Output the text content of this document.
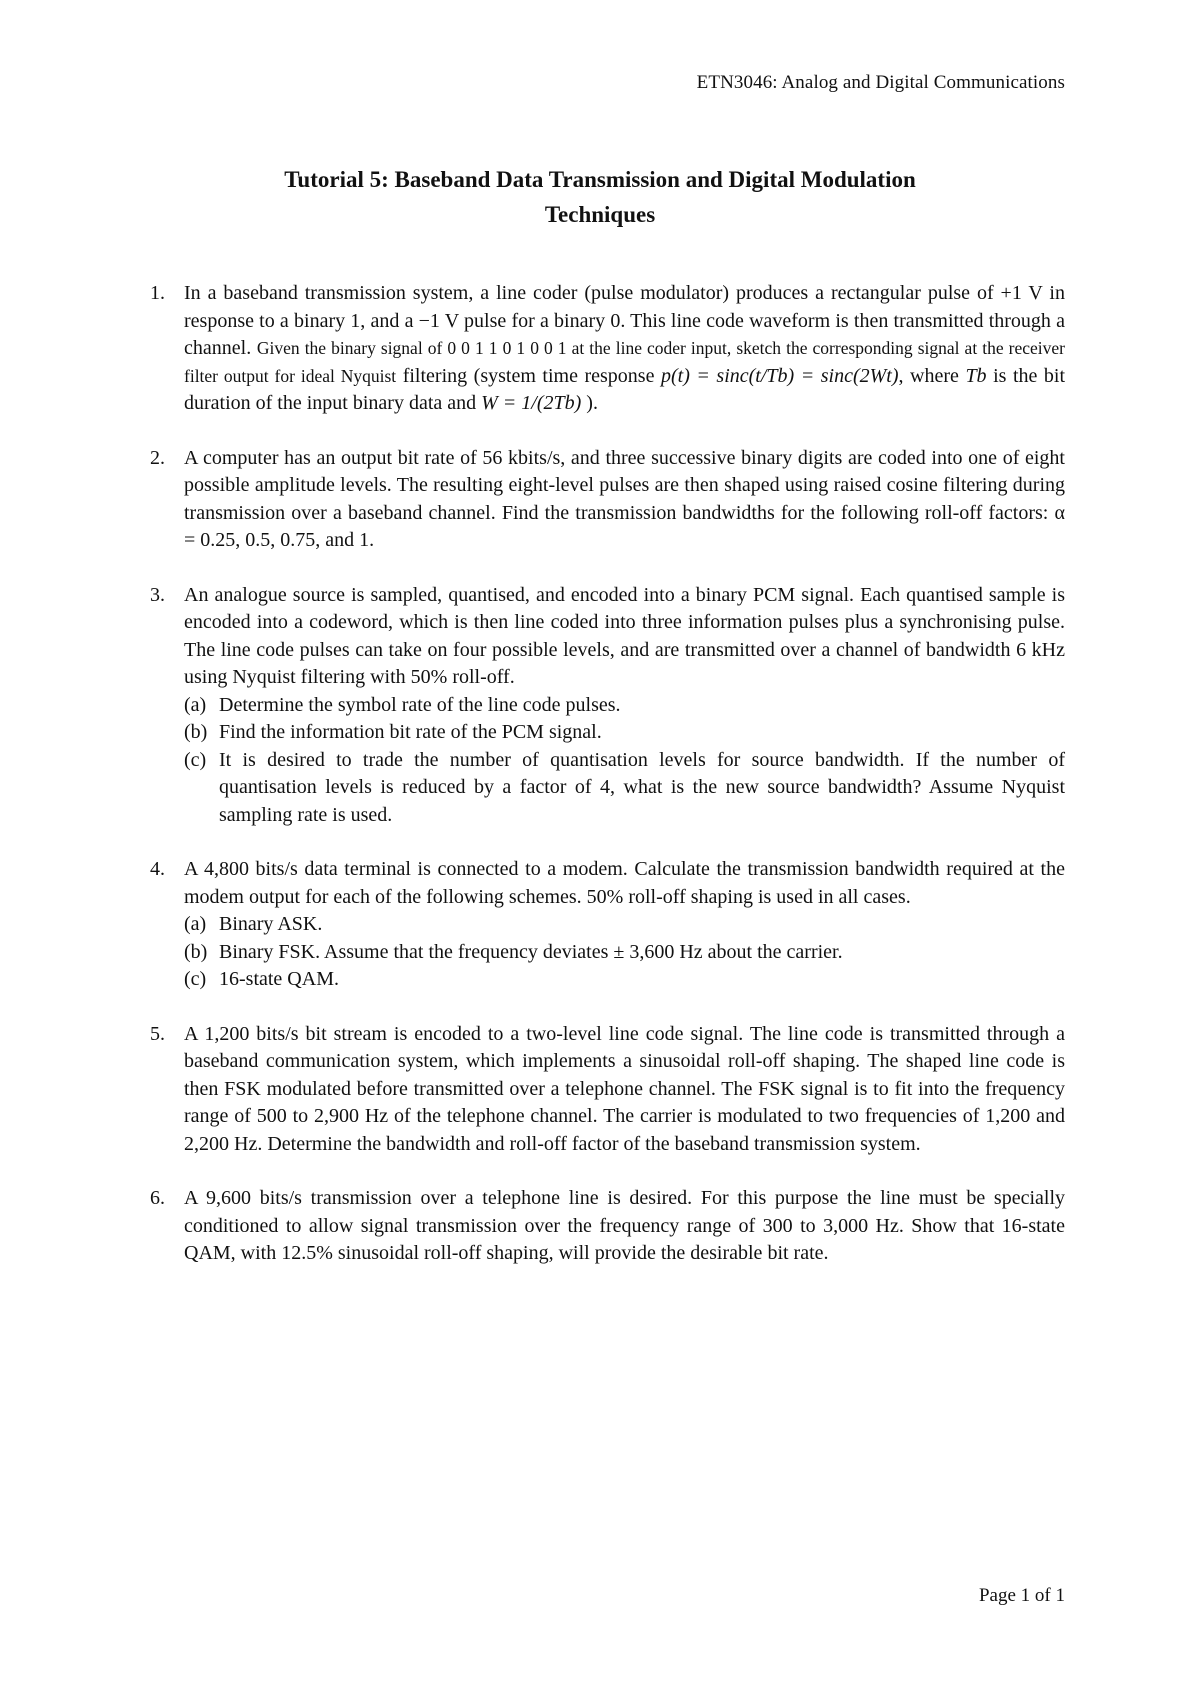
ETN3046: Analog and Digital Communications
Tutorial 5: Baseband Data Transmission and Digital Modulation
Techniques
1. In a baseband transmission system, a line coder (pulse modulator) produces a rectangular pulse of +1 V in response to a binary 1, and a −1 V pulse for a binary 0. This line code waveform is then transmitted through a channel. Given the binary signal of 0 0 1 1 0 1 0 0 1 at the line coder input, sketch the corresponding signal at the receiver filter output for ideal Nyquist filtering (system time response p(t) = sinc(t/Tb) = sinc(2Wt), where Tb is the bit duration of the input binary data and W = 1/(2Tb) ).
2. A computer has an output bit rate of 56 kbits/s, and three successive binary digits are coded into one of eight possible amplitude levels. The resulting eight-level pulses are then shaped using raised cosine filtering during transmission over a baseband channel. Find the transmission bandwidths for the following roll-off factors: α = 0.25, 0.5, 0.75, and 1.
3. An analogue source is sampled, quantised, and encoded into a binary PCM signal. Each quantised sample is encoded into a codeword, which is then line coded into three information pulses plus a synchronising pulse. The line code pulses can take on four possible levels, and are transmitted over a channel of bandwidth 6 kHz using Nyquist filtering with 50% roll-off.
(a) Determine the symbol rate of the line code pulses.
(b) Find the information bit rate of the PCM signal.
(c) It is desired to trade the number of quantisation levels for source bandwidth. If the number of quantisation levels is reduced by a factor of 4, what is the new source bandwidth? Assume Nyquist sampling rate is used.
4. A 4,800 bits/s data terminal is connected to a modem. Calculate the transmission bandwidth required at the modem output for each of the following schemes. 50% roll-off shaping is used in all cases.
(a) Binary ASK.
(b) Binary FSK. Assume that the frequency deviates ± 3,600 Hz about the carrier.
(c) 16-state QAM.
5. A 1,200 bits/s bit stream is encoded to a two-level line code signal. The line code is transmitted through a baseband communication system, which implements a sinusoidal roll-off shaping. The shaped line code is then FSK modulated before transmitted over a telephone channel. The FSK signal is to fit into the frequency range of 500 to 2,900 Hz of the telephone channel. The carrier is modulated to two frequencies of 1,200 and 2,200 Hz. Determine the bandwidth and roll-off factor of the baseband transmission system.
6. A 9,600 bits/s transmission over a telephone line is desired. For this purpose the line must be specially conditioned to allow signal transmission over the frequency range of 300 to 3,000 Hz. Show that 16-state QAM, with 12.5% sinusoidal roll-off shaping, will provide the desirable bit rate.
Page 1 of 1
